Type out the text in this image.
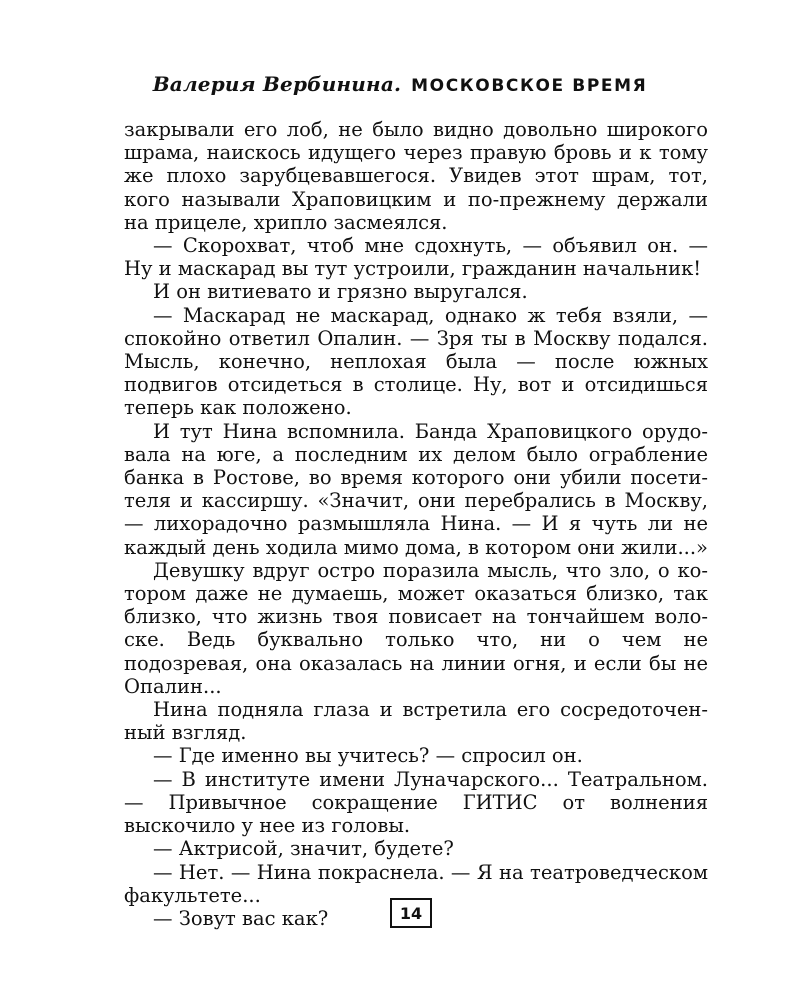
Валерия Вербинина. МОСКОВСКОЕ ВРЕМЯ

закрывали его лоб, не было видно довольно широкого шрама, наискось идущего через правую бровь и к тому же плохо зарубцевавшегося. Увидев этот шрам, тот, кого называли Храповицким и по-прежнему держали на прицеле, хрипло засмеялся.

— Скорохват, чтоб мне сдохнуть, — объявил он. — Ну и маскарад вы тут устроили, гражданин начальник!

И он витиевато и грязно выругался.

— Маскарад не маскарад, однако ж тебя взяли, — спокойно ответил Опалин. — Зря ты в Москву подался. Мысль, конечно, неплохая была — после южных подвигов отсидеться в столице. Ну, вот и отсидишься теперь как положено.

И тут Нина вспомнила. Банда Храповицкого орудовала на юге, а последним их делом было ограбление банка в Ростове, во время которого они убили посетителя и кассиршу. «Значит, они перебрались в Москву, — лихорадочно размышляла Нина. — И я чуть ли не каждый день ходила мимо дома, в котором они жили...»

Девушку вдруг остро поразила мысль, что зло, о котором даже не думаешь, может оказаться близко, так близко, что жизнь твоя повисает на тончайшем волоске. Ведь буквально только что, ни о чем не подозревая, она оказалась на линии огня, и если бы не Опалин...

Нина подняла глаза и встретила его сосредоточенный взгляд.

— Где именно вы учитесь? — спросил он.

— В институте имени Луначарского... Театральном. — Привычное сокращение ГИТИС от волнения выскочило у нее из головы.

— Актрисой, значит, будете?

— Нет. — Нина покраснела. — Я на театроведческом факультете...

— Зовут вас как?	14
